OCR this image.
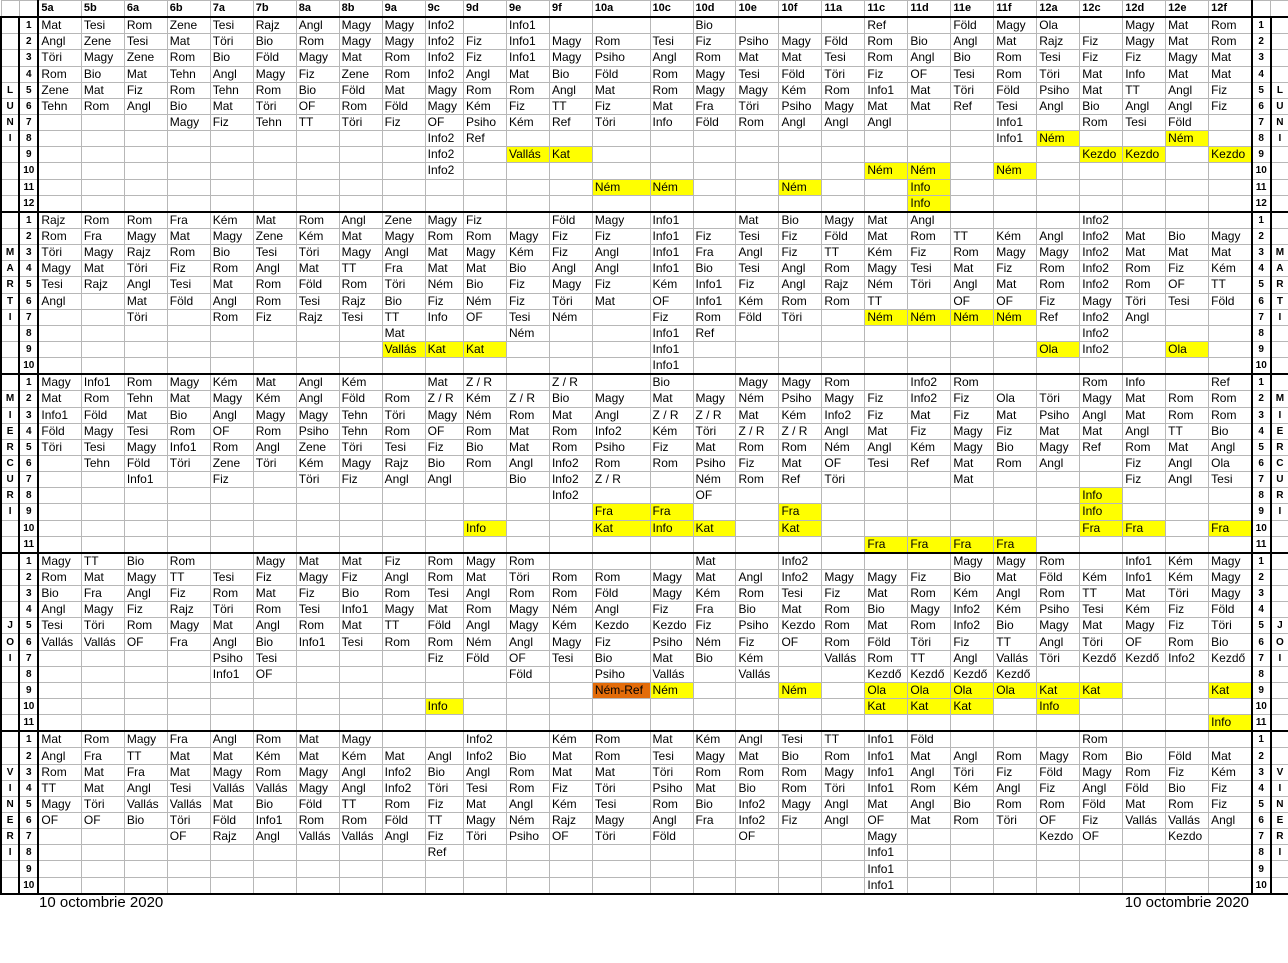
		5a	5b	6a	6b	7a	7b	8a	8b	9a	9c	9d	9e	9f	10a	10c	10d	10e	10f	11a	11c	11d	11e	11f	12a	12c	12d	12e	12f		
	1	Mat	Tesi	Rom	Zene	Tesi	Rajz	Angl	Magy	Magy	Info2		Info1				Bio				Ref		Föld	Magy	Ola		Magy	Mat	Rom	1	
	2	Angl	Zene	Tesi	Mat	Töri	Bio	Rom	Magy	Magy	Info2	Fiz	Info1	Magy	Rom	Tesi	Fiz	Psiho	Magy	Föld	Rom	Bio	Angl	Mat	Rajz	Fiz	Magy	Mat	Rom	2	
	3	Töri	Magy	Zene	Rom	Bio	Föld	Magy	Mat	Rom	Info2	Fiz	Info1	Magy	Psiho	Angl	Rom	Mat	Mat	Tesi	Rom	Angl	Bio	Rom	Tesi	Fiz	Fiz	Magy	Mat	3	
	4	Rom	Bio	Mat	Tehn	Angl	Magy	Fiz	Zene	Rom	Info2	Angl	Mat	Bio	Föld	Rom	Magy	Tesi	Föld	Töri	Fiz	OF	Tesi	Rom	Töri	Mat	Info	Mat	Mat	4	
L	5	Zene	Mat	Fiz	Rom	Tehn	Rom	Bio	Föld	Mat	Magy	Rom	Rom	Angl	Mat	Rom	Magy	Magy	Kém	Rom	Info1	Mat	Töri	Föld	Psiho	Mat	TT	Angl	Fiz	5	L
U	6	Tehn	Rom	Angl	Bio	Mat	Töri	OF	Rom	Föld	Magy	Kém	Fiz	TT	Fiz	Mat	Fra	Töri	Psiho	Magy	Mat	Mat	Ref	Tesi	Angl	Bio	Angl	Angl	Fiz	6	U
N	7				Magy	Fiz	Tehn	TT	Töri	Fiz	OF	Psiho	Kém	Ref	Töri	Info	Föld	Rom	Angl	Angl	Angl			Info1		Rom	Tesi	Föld		7	N
I	8										Info2	Ref												Info1	Ném			Ném		8	I
	9										Info2		Vallás	Kat												Kezdo	Kezdo		Kezdo	9	
	10										Info2										Ném	Ném		Ném						10	
	11														Ném	Ném			Ném			Info								11	
	12																					Info								12	
	1	Rajz	Rom	Rom	Fra	Kém	Mat	Rom	Angl	Zene	Magy	Fiz		Föld	Magy	Info1		Mat	Bio	Magy	Mat	Angl				Info2				1	
	2	Rom	Fra	Magy	Mat	Magy	Zene	Kém	Mat	Magy	Rom	Rom	Magy	Fiz	Fiz	Info1	Fiz	Tesi	Fiz	Föld	Mat	Rom	TT	Kém	Angl	Info2	Mat	Bio	Magy	2	
M	3	Töri	Magy	Rajz	Rom	Bio	Tesi	Töri	Magy	Angl	Mat	Magy	Kém	Fiz	Angl	Info1	Fra	Angl	Fiz	TT	Kém	Fiz	Rom	Magy	Magy	Info2	Mat	Mat	Mat	3	M
A	4	Magy	Mat	Töri	Fiz	Rom	Angl	Mat	TT	Fra	Mat	Mat	Bio	Angl	Angl	Info1	Bio	Tesi	Angl	Rom	Magy	Tesi	Mat	Fiz	Rom	Info2	Rom	Fiz	Kém	4	A
R	5	Tesi	Rajz	Angl	Tesi	Mat	Rom	Föld	Rom	Töri	Ném	Bio	Fiz	Magy	Fiz	Kém	Info1	Fiz	Angl	Rajz	Ném	Töri	Angl	Mat	Rom	Info2	Rom	OF	TT	5	R
T	6	Angl		Mat	Föld	Angl	Rom	Tesi	Rajz	Bio	Fiz	Ném	Fiz	Töri	Mat	OF	Info1	Kém	Rom	Rom	TT		OF	OF	Fiz	Magy	Töri	Tesi	Föld	6	T
I	7			Töri		Rom	Fiz	Rajz	Tesi	TT	Info	OF	Tesi	Ném		Fiz	Rom	Föld	Töri		Ném	Ném	Ném	Ném	Ref	Info2	Angl			7	I
	8									Mat			Ném			Info1	Ref									Info2				8	
	9									Vallás	Kat	Kat				Info1									Ola	Info2		Ola		9	
	10															Info1														10	
	1	Magy	Info1	Rom	Magy	Kém	Mat	Angl	Kém		Mat	Z / R		Z / R		Bio		Magy	Magy	Rom		Info2	Rom			Rom	Info		Ref	1	
M	2	Mat	Rom	Tehn	Mat	Magy	Kém	Angl	Föld	Rom	Z / R	Kém	Z / R	Bio	Magy	Mat	Magy	Ném	Psiho	Magy	Fiz	Info2	Fiz	Ola	Töri	Magy	Mat	Rom	Rom	2	M
I	3	Info1	Föld	Mat	Bio	Angl	Magy	Magy	Tehn	Töri	Magy	Ném	Rom	Mat	Angl	Z / R	Z / R	Mat	Kém	Info2	Fiz	Mat	Fiz	Mat	Psiho	Angl	Mat	Rom	Rom	3	I
E	4	Föld	Magy	Tesi	Rom	OF	Rom	Psiho	Tehn	Rom	OF	Rom	Mat	Rom	Info2	Kém	Töri	Z / R	Z / R	Angl	Mat	Fiz	Magy	Fiz	Mat	Mat	Angl	TT	Bio	4	E
R	5	Töri	Tesi	Magy	Info1	Rom	Angl	Zene	Töri	Tesi	Fiz	Bio	Mat	Rom	Psiho	Fiz	Mat	Rom	Rom	Ném	Angl	Kém	Magy	Bio	Magy	Ref	Rom	Mat	Angl	5	R
C	6		Tehn	Föld	Töri	Zene	Töri	Kém	Magy	Rajz	Bio	Rom	Angl	Info2	Rom	Rom	Psiho	Fiz	Mat	OF	Tesi	Ref	Mat	Rom	Angl		Fiz	Angl	Ola	6	C
U	7			Info1		Fiz		Töri	Fiz	Angl	Angl		Bio	Info2	Z / R		Ném	Rom	Ref	Töri			Mat				Fiz	Angl	Tesi	7	U
R	8													Info2			OF									Info				8	R
I	9														Fra	Fra			Fra							Info				9	I
	10											Info			Kat	Info	Kat		Kat							Fra	Fra		Fra	10	
	11																				Fra	Fra	Fra	Fra						11	
	1	Magy	TT	Bio	Rom		Magy	Mat	Mat	Fiz	Rom	Magy	Rom				Mat		Info2				Magy	Magy	Rom		Info1	Kém	Magy	1	
	2	Rom	Mat	Magy	TT	Tesi	Fiz	Magy	Fiz	Angl	Rom	Mat	Töri	Rom	Rom	Magy	Mat	Angl	Info2	Magy	Magy	Fiz	Bio	Mat	Föld	Kém	Info1	Kém	Magy	2	
	3	Bio	Fra	Angl	Fiz	Rom	Mat	Fiz	Bio	Rom	Tesi	Angl	Rom	Rom	Föld	Magy	Kém	Rom	Tesi	Fiz	Mat	Rom	Kém	Angl	Rom	TT	Mat	Töri	Magy	3	
	4	Angl	Magy	Fiz	Rajz	Töri	Rom	Tesi	Info1	Magy	Mat	Rom	Magy	Ném	Angl	Fiz	Fra	Bio	Mat	Rom	Bio	Magy	Info2	Kém	Psiho	Tesi	Kém	Fiz	Föld	4	
J	5	Tesi	Töri	Rom	Magy	Mat	Angl	Rom	Mat	TT	Föld	Angl	Magy	Kém	Kezdo	Kezdo	Fiz	Psiho	Kezdo	Rom	Mat	Rom	Info2	Bio	Magy	Mat	Magy	Fiz	Töri	5	J
O	6	Vallás	Vallás	OF	Fra	Angl	Bio	Info1	Tesi	Rom	Rom	Ném	Angl	Magy	Fiz	Psiho	Ném	Fiz	OF	Rom	Föld	Töri	Fiz	TT	Angl	Töri	OF	Rom	Bio	6	O
I	7					Psiho	Tesi				Fiz	Föld	OF	Tesi	Bio	Mat	Bio	Kém		Vallás	Rom	TT	Angl	Vallás	Töri	Kezdő	Kezdő	Info2	Kezdő	7	I
	8					Info1	OF						Föld		Psiho	Vallás		Vallás			Kezdő	Kezdő	Kezdő	Kezdő						8	
	9														Ném-Ref	Ném			Ném		Ola	Ola	Ola	Ola	Kat	Kat			Kat	9	
	10										Info										Kat	Kat	Kat		Info					10	
	11																												Info	11	
	1	Mat	Rom	Magy	Fra	Angl	Rom	Mat	Magy			Info2		Kém	Rom	Mat	Kém	Angl	Tesi	TT	Info1	Föld				Rom				1	
	2	Angl	Fra	TT	Mat	Mat	Kém	Mat	Kém	Mat	Angl	Info2	Bio	Mat	Rom	Tesi	Magy	Mat	Bio	Rom	Info1	Mat	Angl	Rom	Magy	Rom	Bio	Föld	Mat	2	
V	3	Rom	Mat	Fra	Mat	Magy	Rom	Magy	Angl	Info2	Bio	Angl	Rom	Mat	Mat	Töri	Rom	Rom	Rom	Magy	Info1	Angl	Töri	Fiz	Föld	Magy	Rom	Fiz	Kém	3	V
I	4	TT	Mat	Angl	Tesi	Vallás	Vallás	Magy	Angl	Info2	Töri	Tesi	Rom	Fiz	Töri	Psiho	Mat	Bio	Rom	Töri	Info1	Rom	Kém	Angl	Fiz	Angl	Föld	Bio	Fiz	4	I
N	5	Magy	Töri	Vallás	Vallás	Mat	Bio	Föld	TT	Rom	Fiz	Mat	Angl	Kém	Tesi	Rom	Bio	Info2	Magy	Angl	Mat	Angl	Bio	Rom	Rom	Föld	Mat	Rom	Fiz	5	N
E	6	OF	OF	Bio	Töri	Föld	Info1	Rom	Rom	Föld	TT	Magy	Ném	Rajz	Magy	Angl	Fra	Info2	Fiz	Angl	OF	Mat	Rom	Töri	OF	Fiz	Vallás	Vallás	Angl	6	E
R	7				OF	Rajz	Angl	Vallás	Vallás	Angl	Fiz	Töri	Psiho	OF	Töri	Föld		OF			Magy				Kezdo	OF		Kezdo		7	R
I	8										Ref										Info1									8	I
	9																				Info1									9	
	10																				Info1									10	
10 octombrie 2020																				10 octombrie 2020											
